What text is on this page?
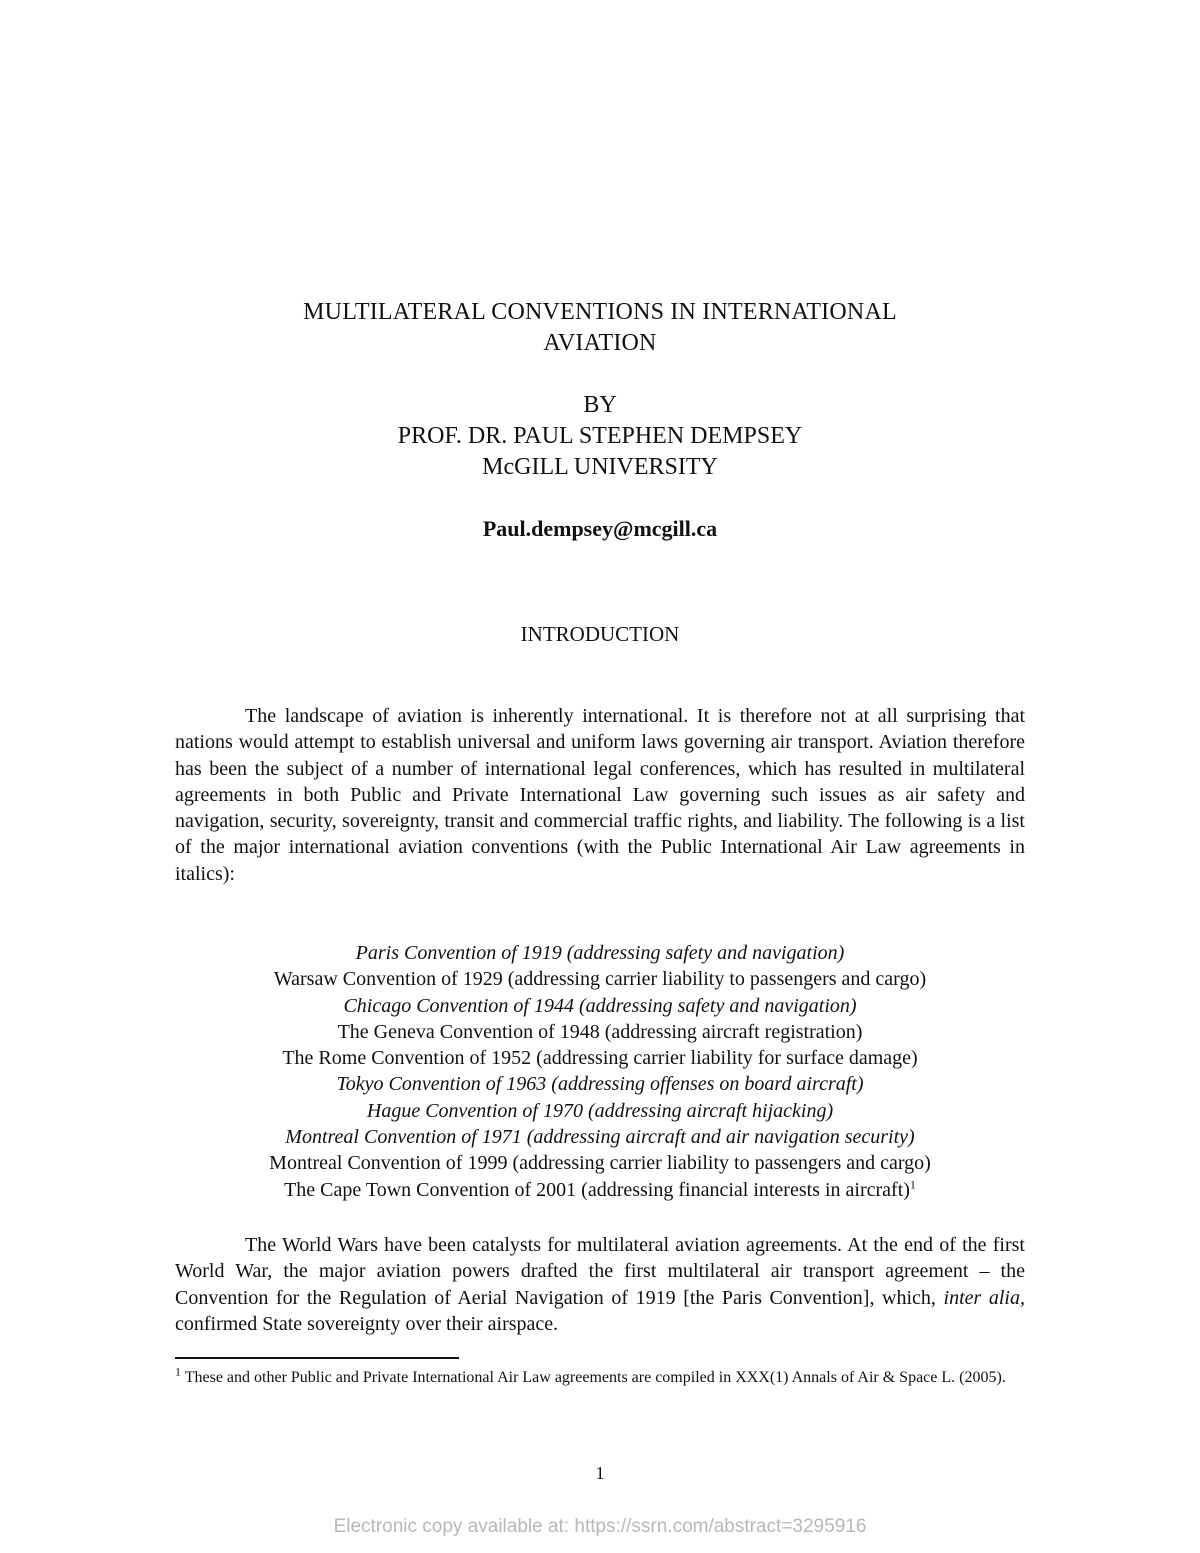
MULTILATERAL CONVENTIONS IN INTERNATIONAL
AVIATION
BY
PROF. DR. PAUL STEPHEN DEMPSEY
McGILL UNIVERSITY
Paul.dempsey@mcgill.ca
INTRODUCTION

The landscape of aviation is inherently international. It is therefore not at all surprising that nations would attempt to establish universal and uniform laws governing air transport. Aviation therefore has been the subject of a number of international legal conferences, which has resulted in multilateral agreements in both Public and Private International Law governing such issues as air safety and navigation, security, sovereignty, transit and commercial traffic rights, and liability. The following is a list of the major international aviation conventions (with the Public International Air Law agreements in italics):

Paris Convention of 1919 (addressing safety and navigation)
Warsaw Convention of 1929 (addressing carrier liability to passengers and cargo)
Chicago Convention of 1944 (addressing safety and navigation)
The Geneva Convention of 1948 (addressing aircraft registration)
The Rome Convention of 1952 (addressing carrier liability for surface damage)
Tokyo Convention of 1963 (addressing offenses on board aircraft)
Hague Convention of 1970 (addressing aircraft hijacking)
Montreal Convention of 1971 (addressing aircraft and air navigation security)
Montreal Convention of 1999 (addressing carrier liability to passengers and cargo)
The Cape Town Convention of 2001 (addressing financial interests in aircraft)$^1$

The World Wars have been catalysts for multilateral aviation agreements. At the end of the first World War, the major aviation powers drafted the first multilateral air transport agreement – the Convention for the Regulation of Aerial Navigation of 1919 [the Paris Convention], which, inter alia, confirmed State sovereignty over their airspace.

$^1$ These and other Public and Private International Air Law agreements are compiled in XXX(1) Annals of Air & Space L. (2005).

1
Electronic copy available at: https://ssrn.com/abstract=3295916
